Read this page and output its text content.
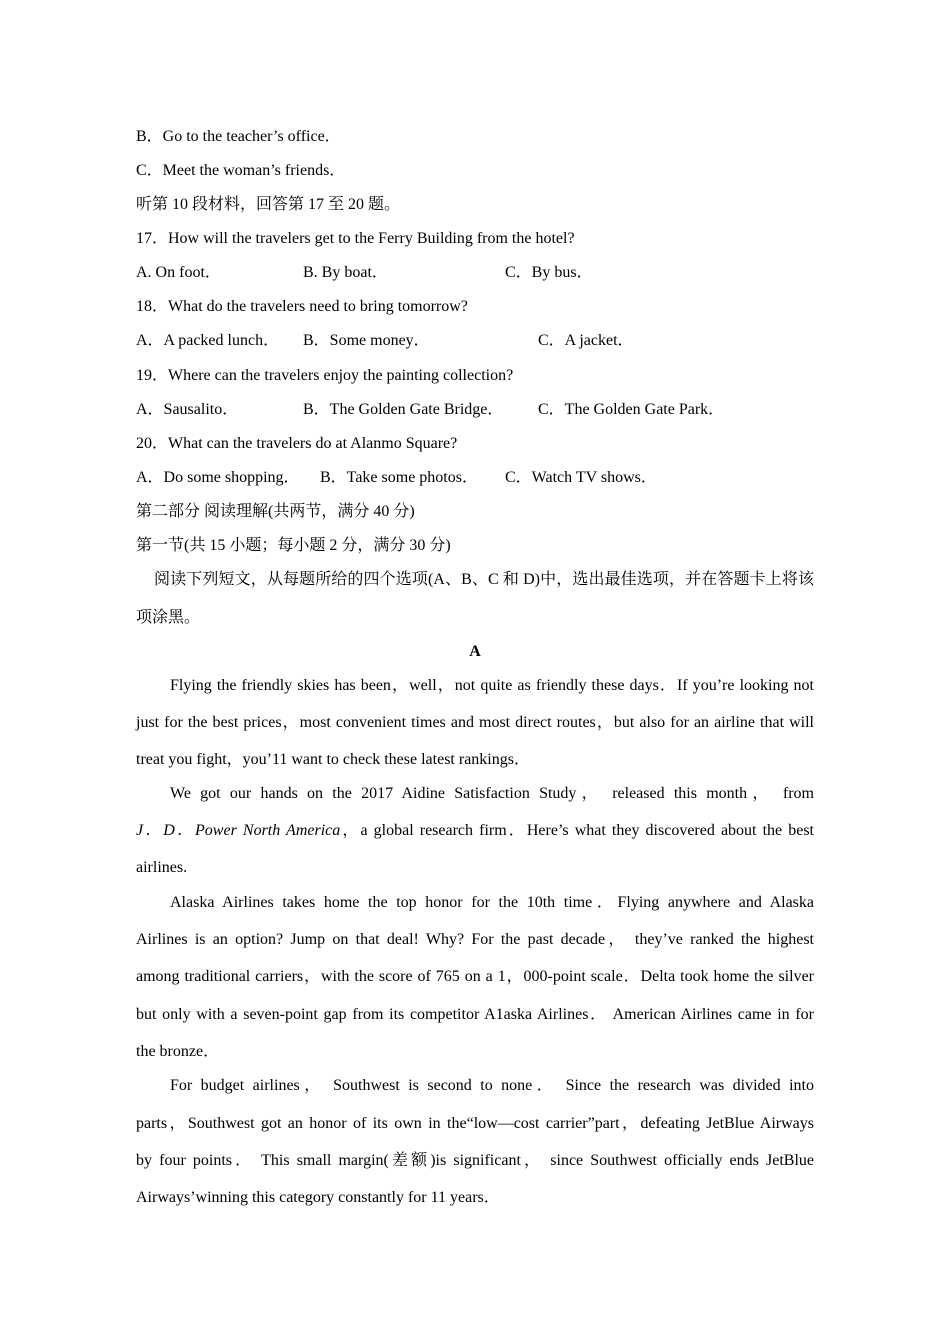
B．Go to the teacher’s office．
C．Meet the woman’s friends．
听第 10 段材料，回答第 17 至 20 题。
17．How will the travelers get to the Ferry Building from the hotel?
A. On foot．	B. By boat．	C．By bus．
18．What do the travelers need to bring tomorrow?
A．A packed lunch． B．Some money．	C．A jacket．
19．Where can the travelers enjoy the painting collection?
A．Sausalito．	B．The Golden Gate Bridge． C．The Golden Gate Park．
20．What can the travelers do at Alanmo Square?
A．Do some shopping． B．Take some photos． C．Watch TV shows．
第二部分 阅读理解(共两节，满分 40 分)
第一节(共 15 小题；每小题 2 分，满分 30 分)
阅读下列短文，从每题所给的四个选项(A、B、C 和 D)中，选出最佳选项，并在答题卡上将该
项涂黑。
A
Flying the friendly skies has been，well，not quite as friendly these days．If you’re looking not
just for the best prices，most convenient times and most direct routes，but also for an airline that will
treat you fight，you’11 want to check these latest rankings．
We got our hands on the 2017 Aidine Satisfaction Study， released this month， from
J．D．Power North America，a global research firm．Here’s what they discovered about the best
airlines.
Alaska Airlines takes home the top honor for the 10th time．Flying anywhere and Alaska
Airlines is an option? Jump on that deal! Why? For the past decade， they’ve ranked the highest
among traditional carriers，with the score of 765 on a 1，000-point scale．Delta took home the silver
but only with a seven-point gap from its competitor A1aska Airlines． American Airlines came in for
the bronze．
For budget airlines， Southwest is second to none． Since the research was divided into
parts，Southwest got an honor of its own in the“low—cost carrier”part，defeating JetBlue Airways
by four points． This small margin(差额)is significant， since Southwest officially ends JetBlue
Airways’winning this category constantly for 11 years．
